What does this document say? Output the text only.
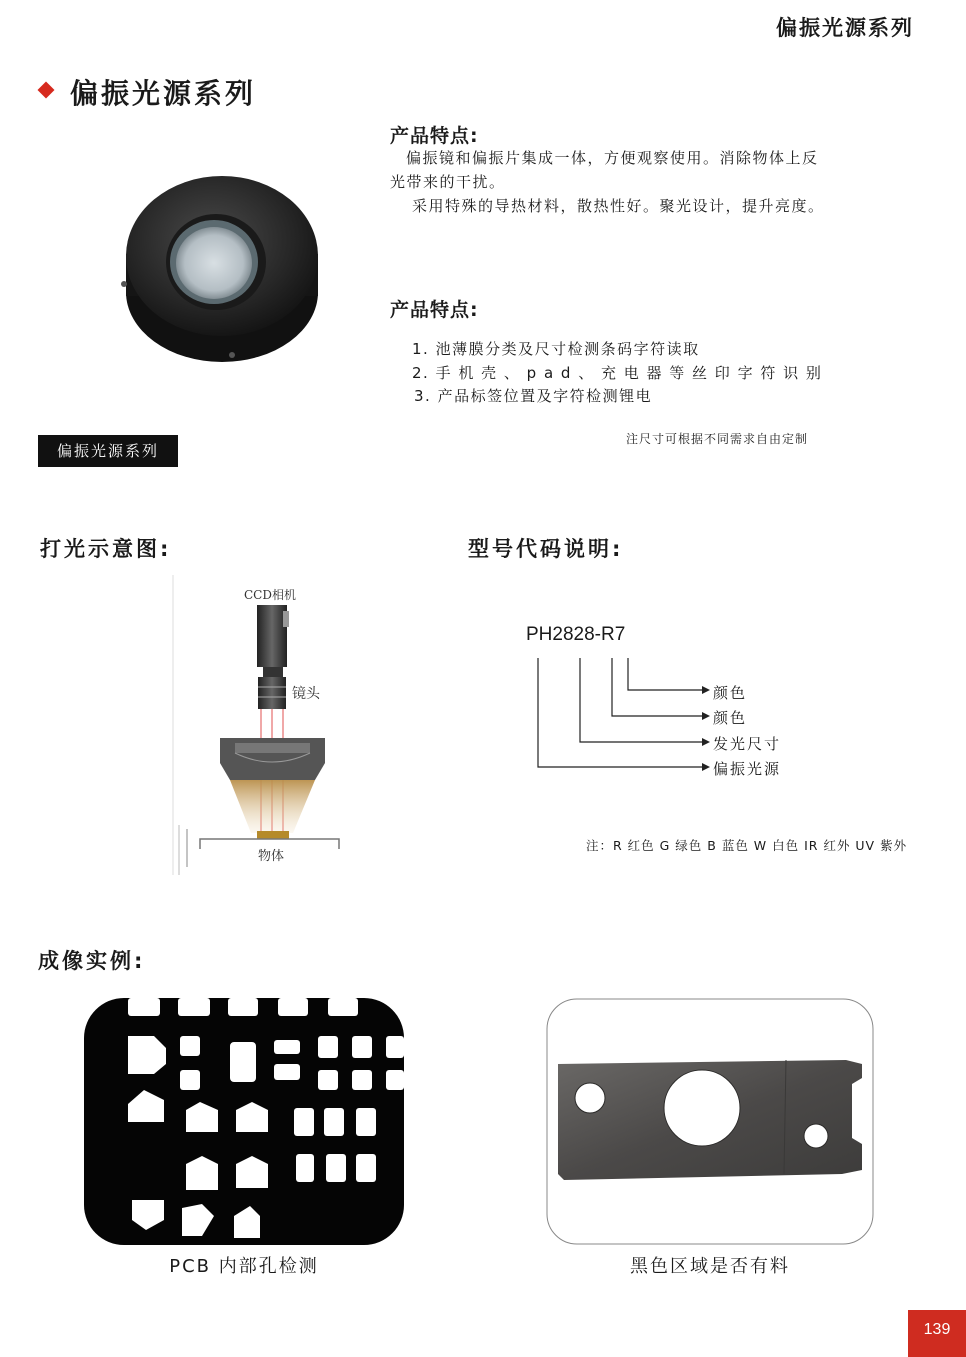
偏振光源系列
偏振光源系列
产品特点:

偏振镜和偏振片集成一体，方便观察使用。消除物体上反光带来的干扰。

采用特殊的导热材料，散热性好。聚光设计，提升亮度。

产品特点:
1. 池薄膜分类及尺寸检测条码字符读取
2. 手 机 壳 、 p a d 、 充 电 器 等 丝 印 字 符 识 别
3. 产品标签位置及字符检测锂电
注尺寸可根据不同需求自由定制
偏振光源系列
打光示意图:
CCD相机
镜头
物体
型号代码说明:
PH2828-R7
颜色
颜色
发光尺寸
偏振光源
注：R 红色 G 绿色 B 蓝色 W 白色 IR 红外 UV 紫外
成像实例:
PCB 内部孔检测	黑色区域是否有料
139
